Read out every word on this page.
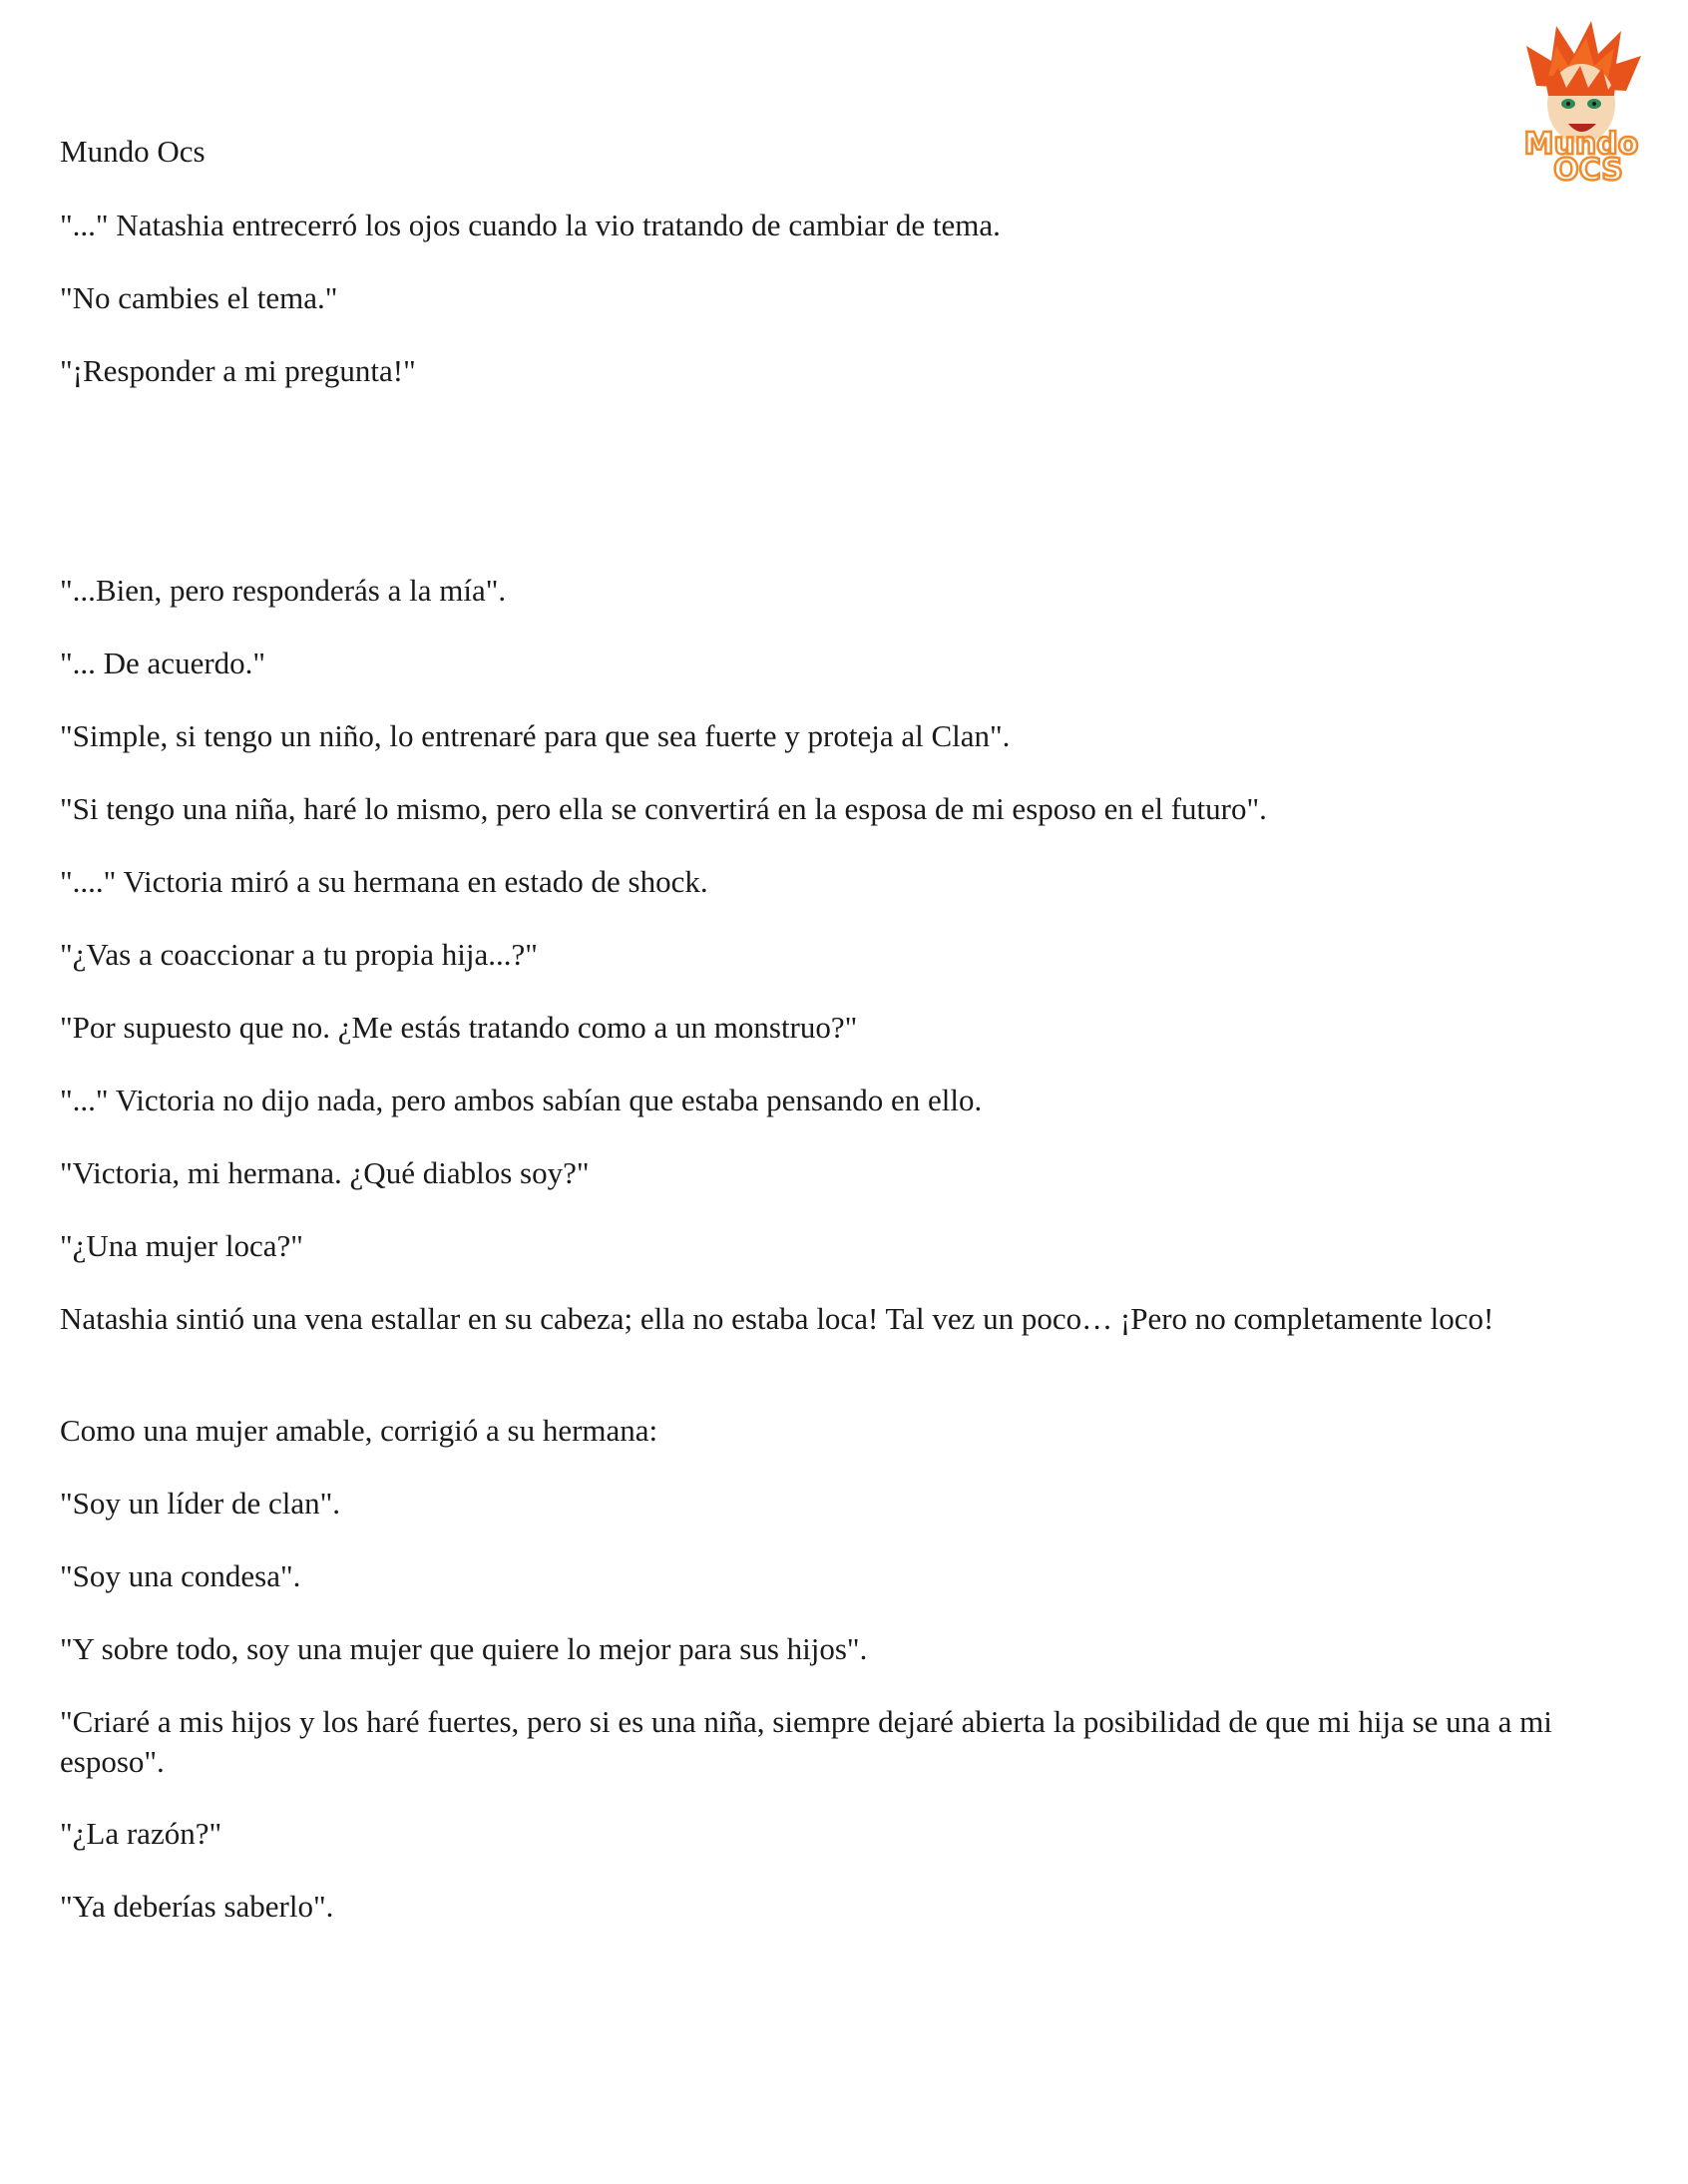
Mundo
OCS

Mundo Ocs

"..." Natashia entrecerró los ojos cuando la vio tratando de cambiar de tema.

"No cambies el tema."

"¡Responder a mi pregunta!"

"...Bien, pero responderás a la mía".

"... De acuerdo."

"Simple, si tengo un niño, lo entrenaré para que sea fuerte y proteja al Clan".

"Si tengo una niña, haré lo mismo, pero ella se convertirá en la esposa de mi esposo en el futuro".

"...." Victoria miró a su hermana en estado de shock.

"¿Vas a coaccionar a tu propia hija...?"

"Por supuesto que no. ¿Me estás tratando como a un monstruo?"

"..." Victoria no dijo nada, pero ambos sabían que estaba pensando en ello.

"Victoria, mi hermana. ¿Qué diablos soy?"

"¿Una mujer loca?"

Natashia sintió una vena estallar en su cabeza; ella no estaba loca! Tal vez un poco… ¡Pero no completamente loco!

Como una mujer amable, corrigió a su hermana:

"Soy un líder de clan".

"Soy una condesa".

"Y sobre todo, soy una mujer que quiere lo mejor para sus hijos".

"Criaré a mis hijos y los haré fuertes, pero si es una niña, siempre dejaré abierta la posibilidad de que mi hija se una a mi esposo".

"¿La razón?"

"Ya deberías saberlo".
